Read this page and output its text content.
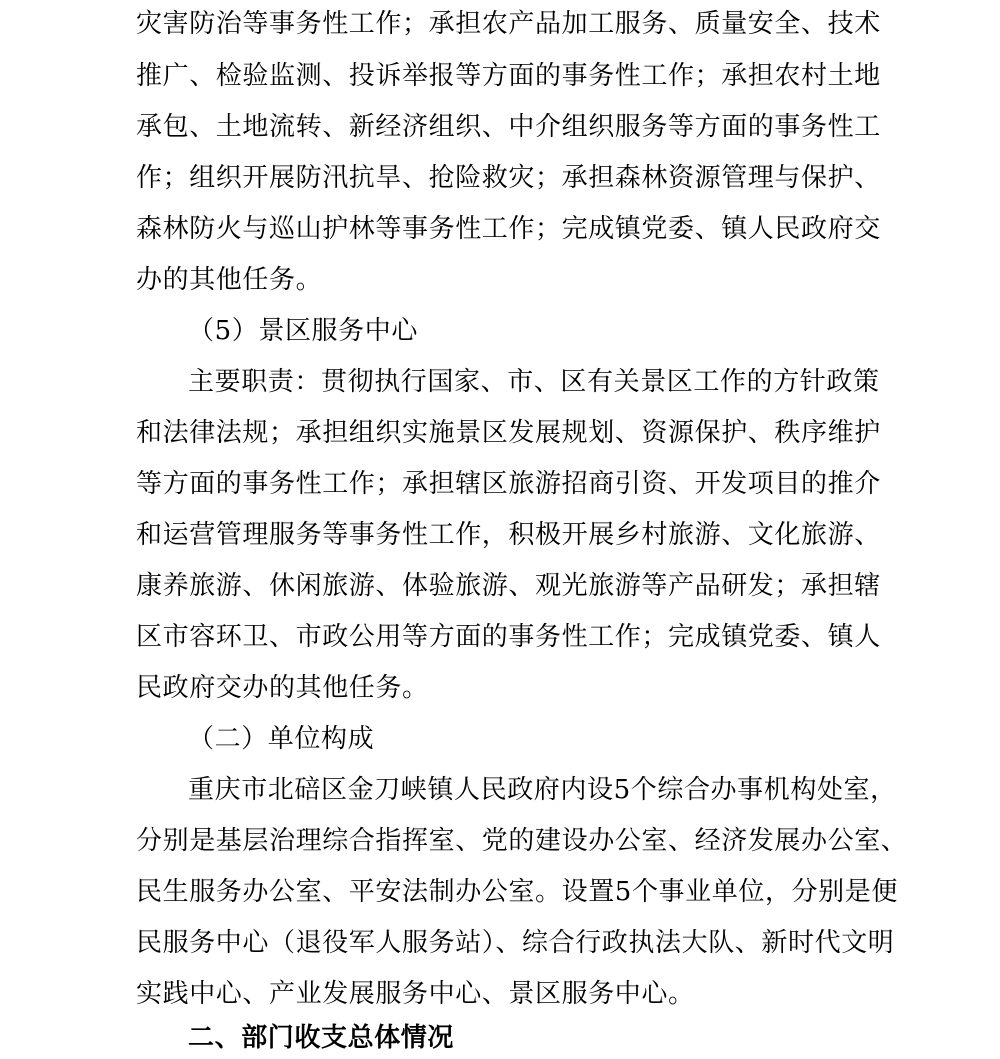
灾害防治等事务性工作；承担农产品加工服务、质量安全、技术
推广、检验监测、投诉举报等方面的事务性工作；承担农村土地
承包、土地流转、新经济组织、中介组织服务等方面的事务性工
作；组织开展防汛抗旱、抢险救灾；承担森林资源管理与保护、
森林防火与巡山护林等事务性工作；完成镇党委、镇人民政府交
办的其他任务。
（5）景区服务中心
主要职责：贯彻执行国家、市、区有关景区工作的方针政策
和法律法规；承担组织实施景区发展规划、资源保护、秩序维护
等方面的事务性工作；承担辖区旅游招商引资、开发项目的推介
和运营管理服务等事务性工作，积极开展乡村旅游、文化旅游、
康养旅游、休闲旅游、体验旅游、观光旅游等产品研发；承担辖
区市容环卫、市政公用等方面的事务性工作；完成镇党委、镇人
民政府交办的其他任务。
（二）单位构成
重庆市北碚区金刀峡镇人民政府内设5个综合办事机构处室，
分别是基层治理综合指挥室、党的建设办公室、经济发展办公室、
民生服务办公室、平安法制办公室。设置5个事业单位，分别是便
民服务中心（退役军人服务站）、综合行政执法大队、新时代文明
实践中心、产业发展服务中心、景区服务中心。
二、部门收支总体情况
